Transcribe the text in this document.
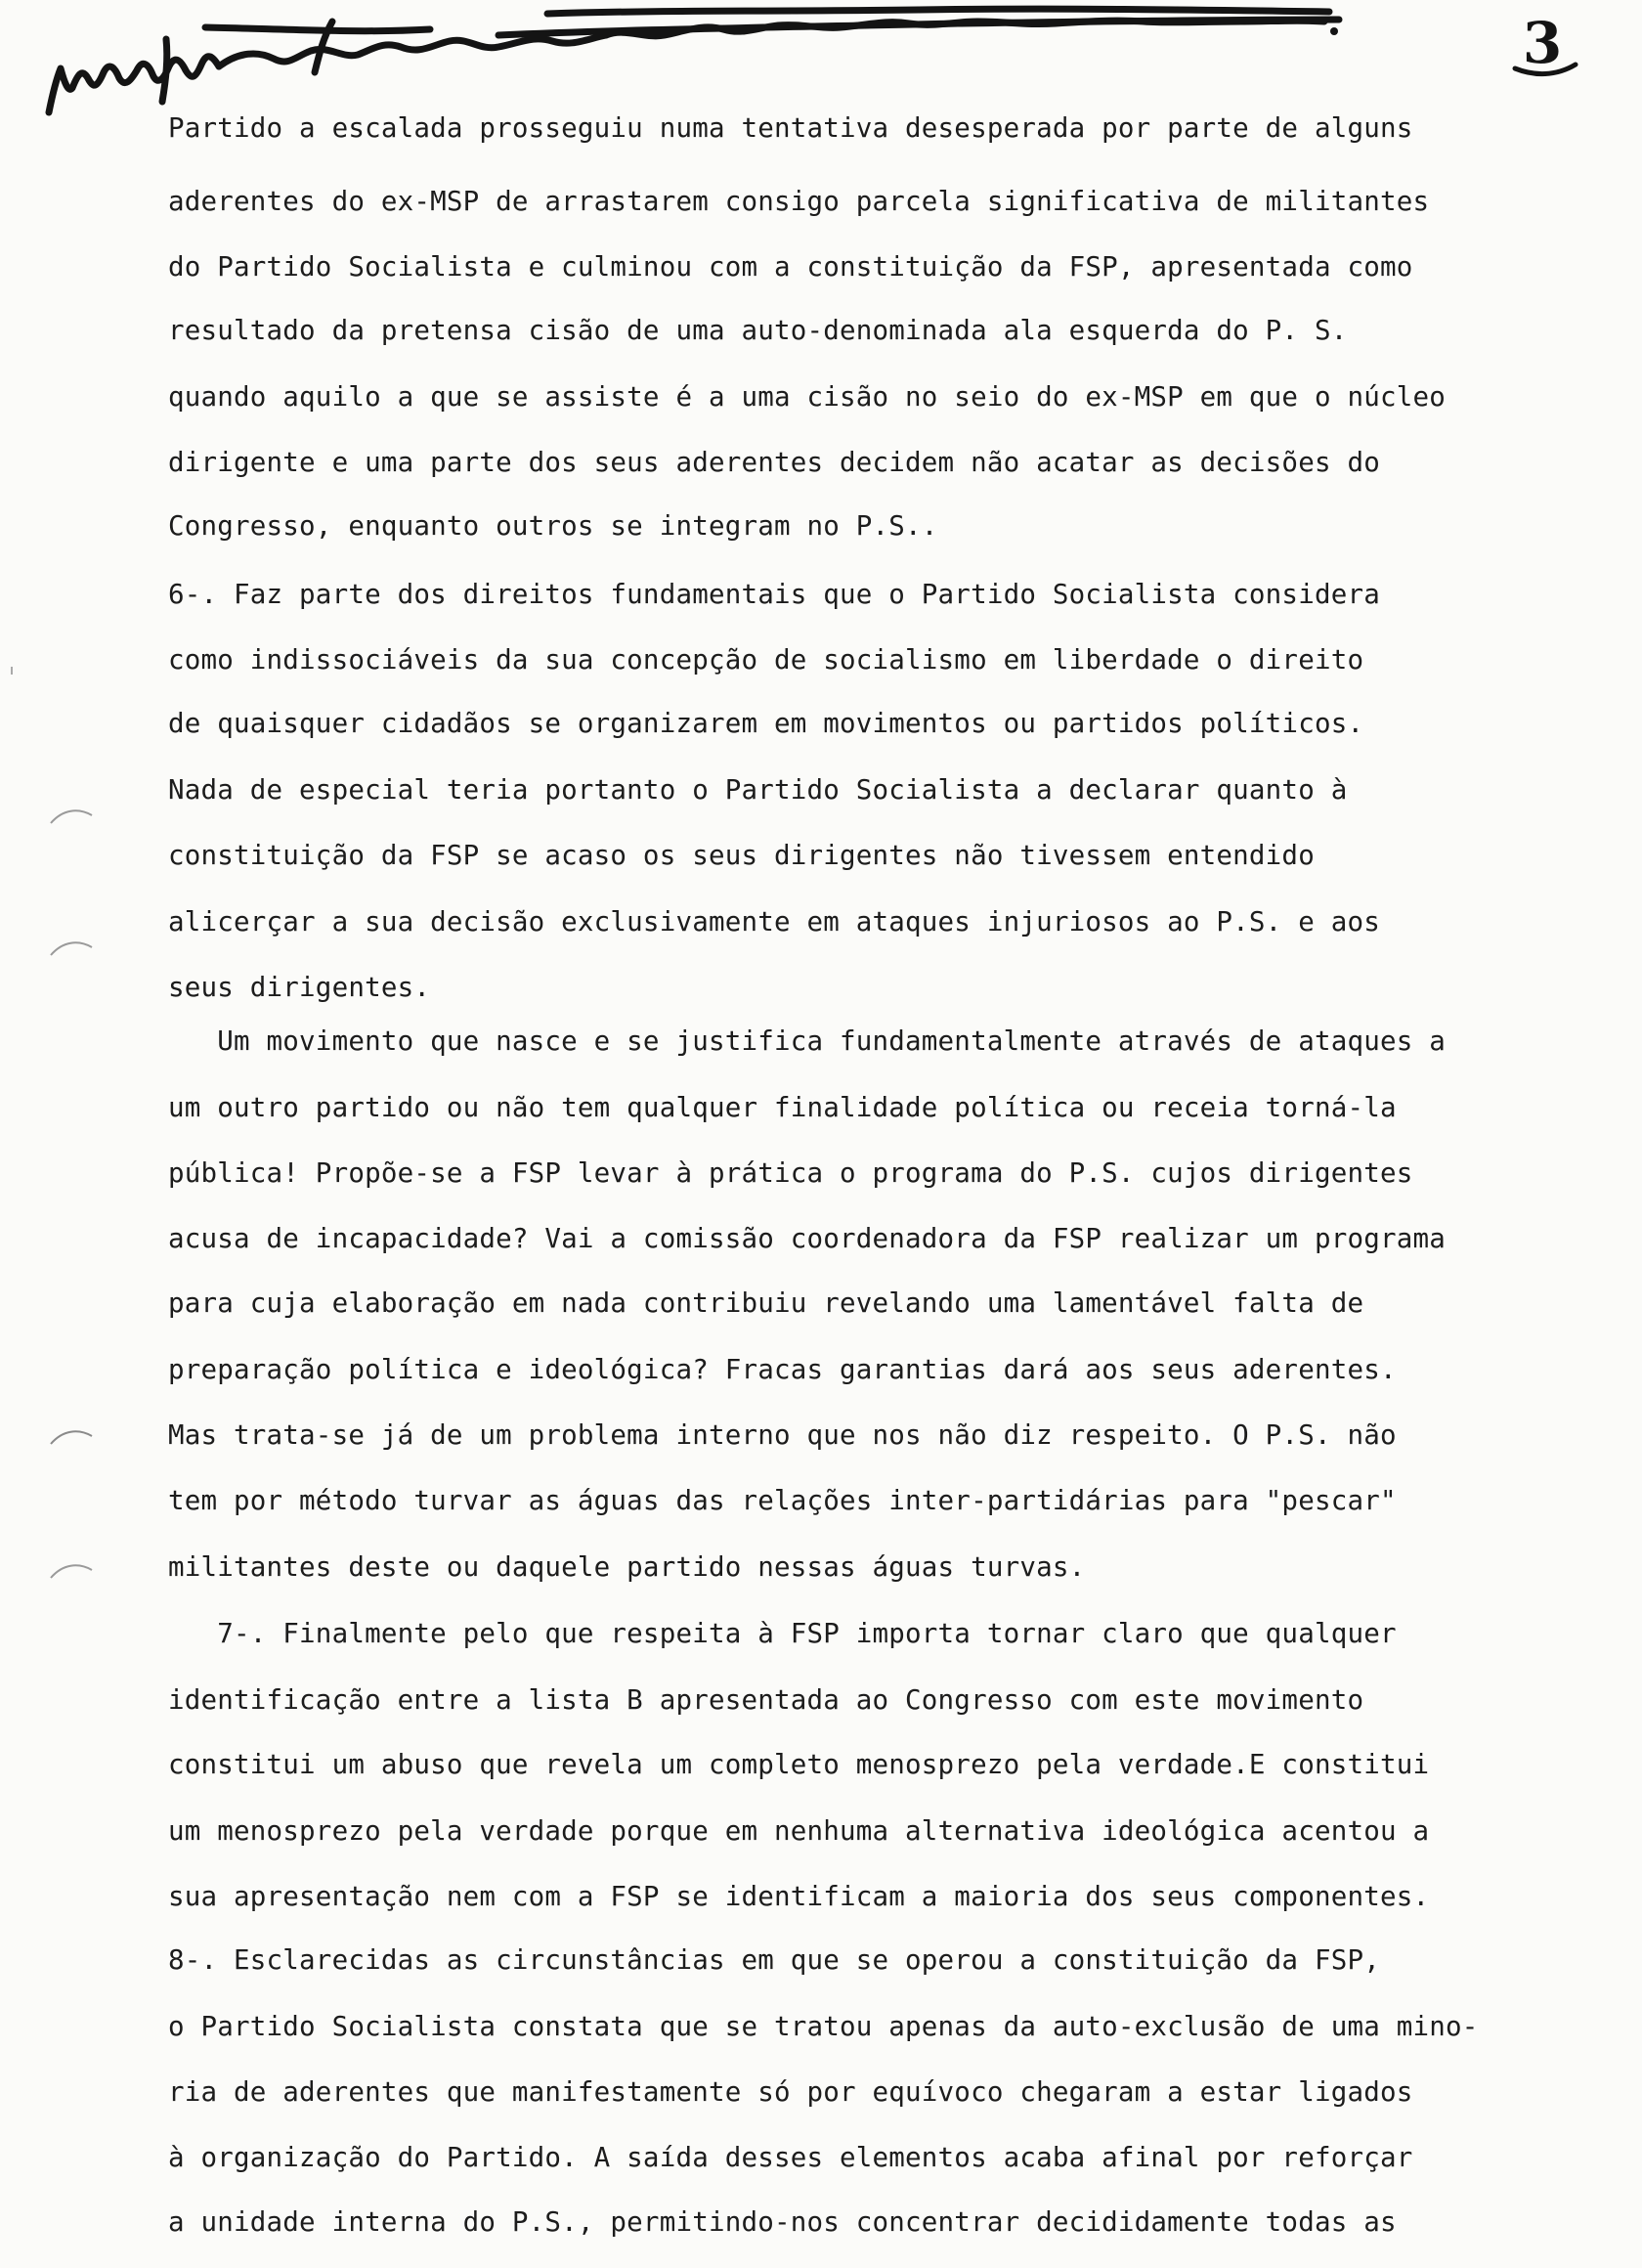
3
Partido a escalada prosseguiu numa tentativa desesperada por parte de alguns
aderentes do ex-MSP de arrastarem consigo parcela significativa de militantes
do Partido Socialista e culminou com a constituição da FSP, apresentada como
resultado da pretensa cisão de uma auto-denominada ala esquerda do P. S.
quando aquilo a que se assiste é a uma cisão no seio do ex-MSP em que o núcleo
dirigente e uma parte dos seus aderentes decidem não acatar as decisões do
Congresso, enquanto outros se integram no P.S..
6-. Faz parte dos direitos fundamentais que o Partido Socialista considera
como indissociáveis da sua concepção de socialismo em liberdade o direito
de quaisquer cidadãos se organizarem em movimentos ou partidos políticos.
Nada de especial teria portanto o Partido Socialista a declarar quanto à
constituição da FSP se acaso os seus dirigentes não tivessem entendido
alicerçar a sua decisão exclusivamente em ataques injuriosos ao P.S. e aos
seus dirigentes.
Um movimento que nasce e se justifica fundamentalmente através de ataques a
um outro partido ou não tem qualquer finalidade política ou receia torná-la
pública! Propõe-se a FSP levar à prática o programa do P.S. cujos dirigentes
acusa de incapacidade? Vai a comissão coordenadora da FSP realizar um programa
para cuja elaboração em nada contribuiu revelando uma lamentável falta de
preparação política e ideológica? Fracas garantias dará aos seus aderentes.
Mas trata-se já de um problema interno que nos não diz respeito. O P.S. não
tem por método turvar as águas das relações inter-partidárias para "pescar"
militantes deste ou daquele partido nessas águas turvas.
7-. Finalmente pelo que respeita à FSP importa tornar claro que qualquer
identificação entre a lista B apresentada ao Congresso com este movimento
constitui um abuso que revela um completo menosprezo pela verdade.E constitui
um menosprezo pela verdade porque em nenhuma alternativa ideológica acentou a
sua apresentação nem com a FSP se identificam a maioria dos seus componentes.
8-. Esclarecidas as circunstâncias em que se operou a constituição da FSP,
o Partido Socialista constata que se tratou apenas da auto-exclusão de uma mino-
ria de aderentes que manifestamente só por equívoco chegaram a estar ligados
à organização do Partido. A saída desses elementos acaba afinal por reforçar
a unidade interna do P.S., permitindo-nos concentrar decididamente todas as
